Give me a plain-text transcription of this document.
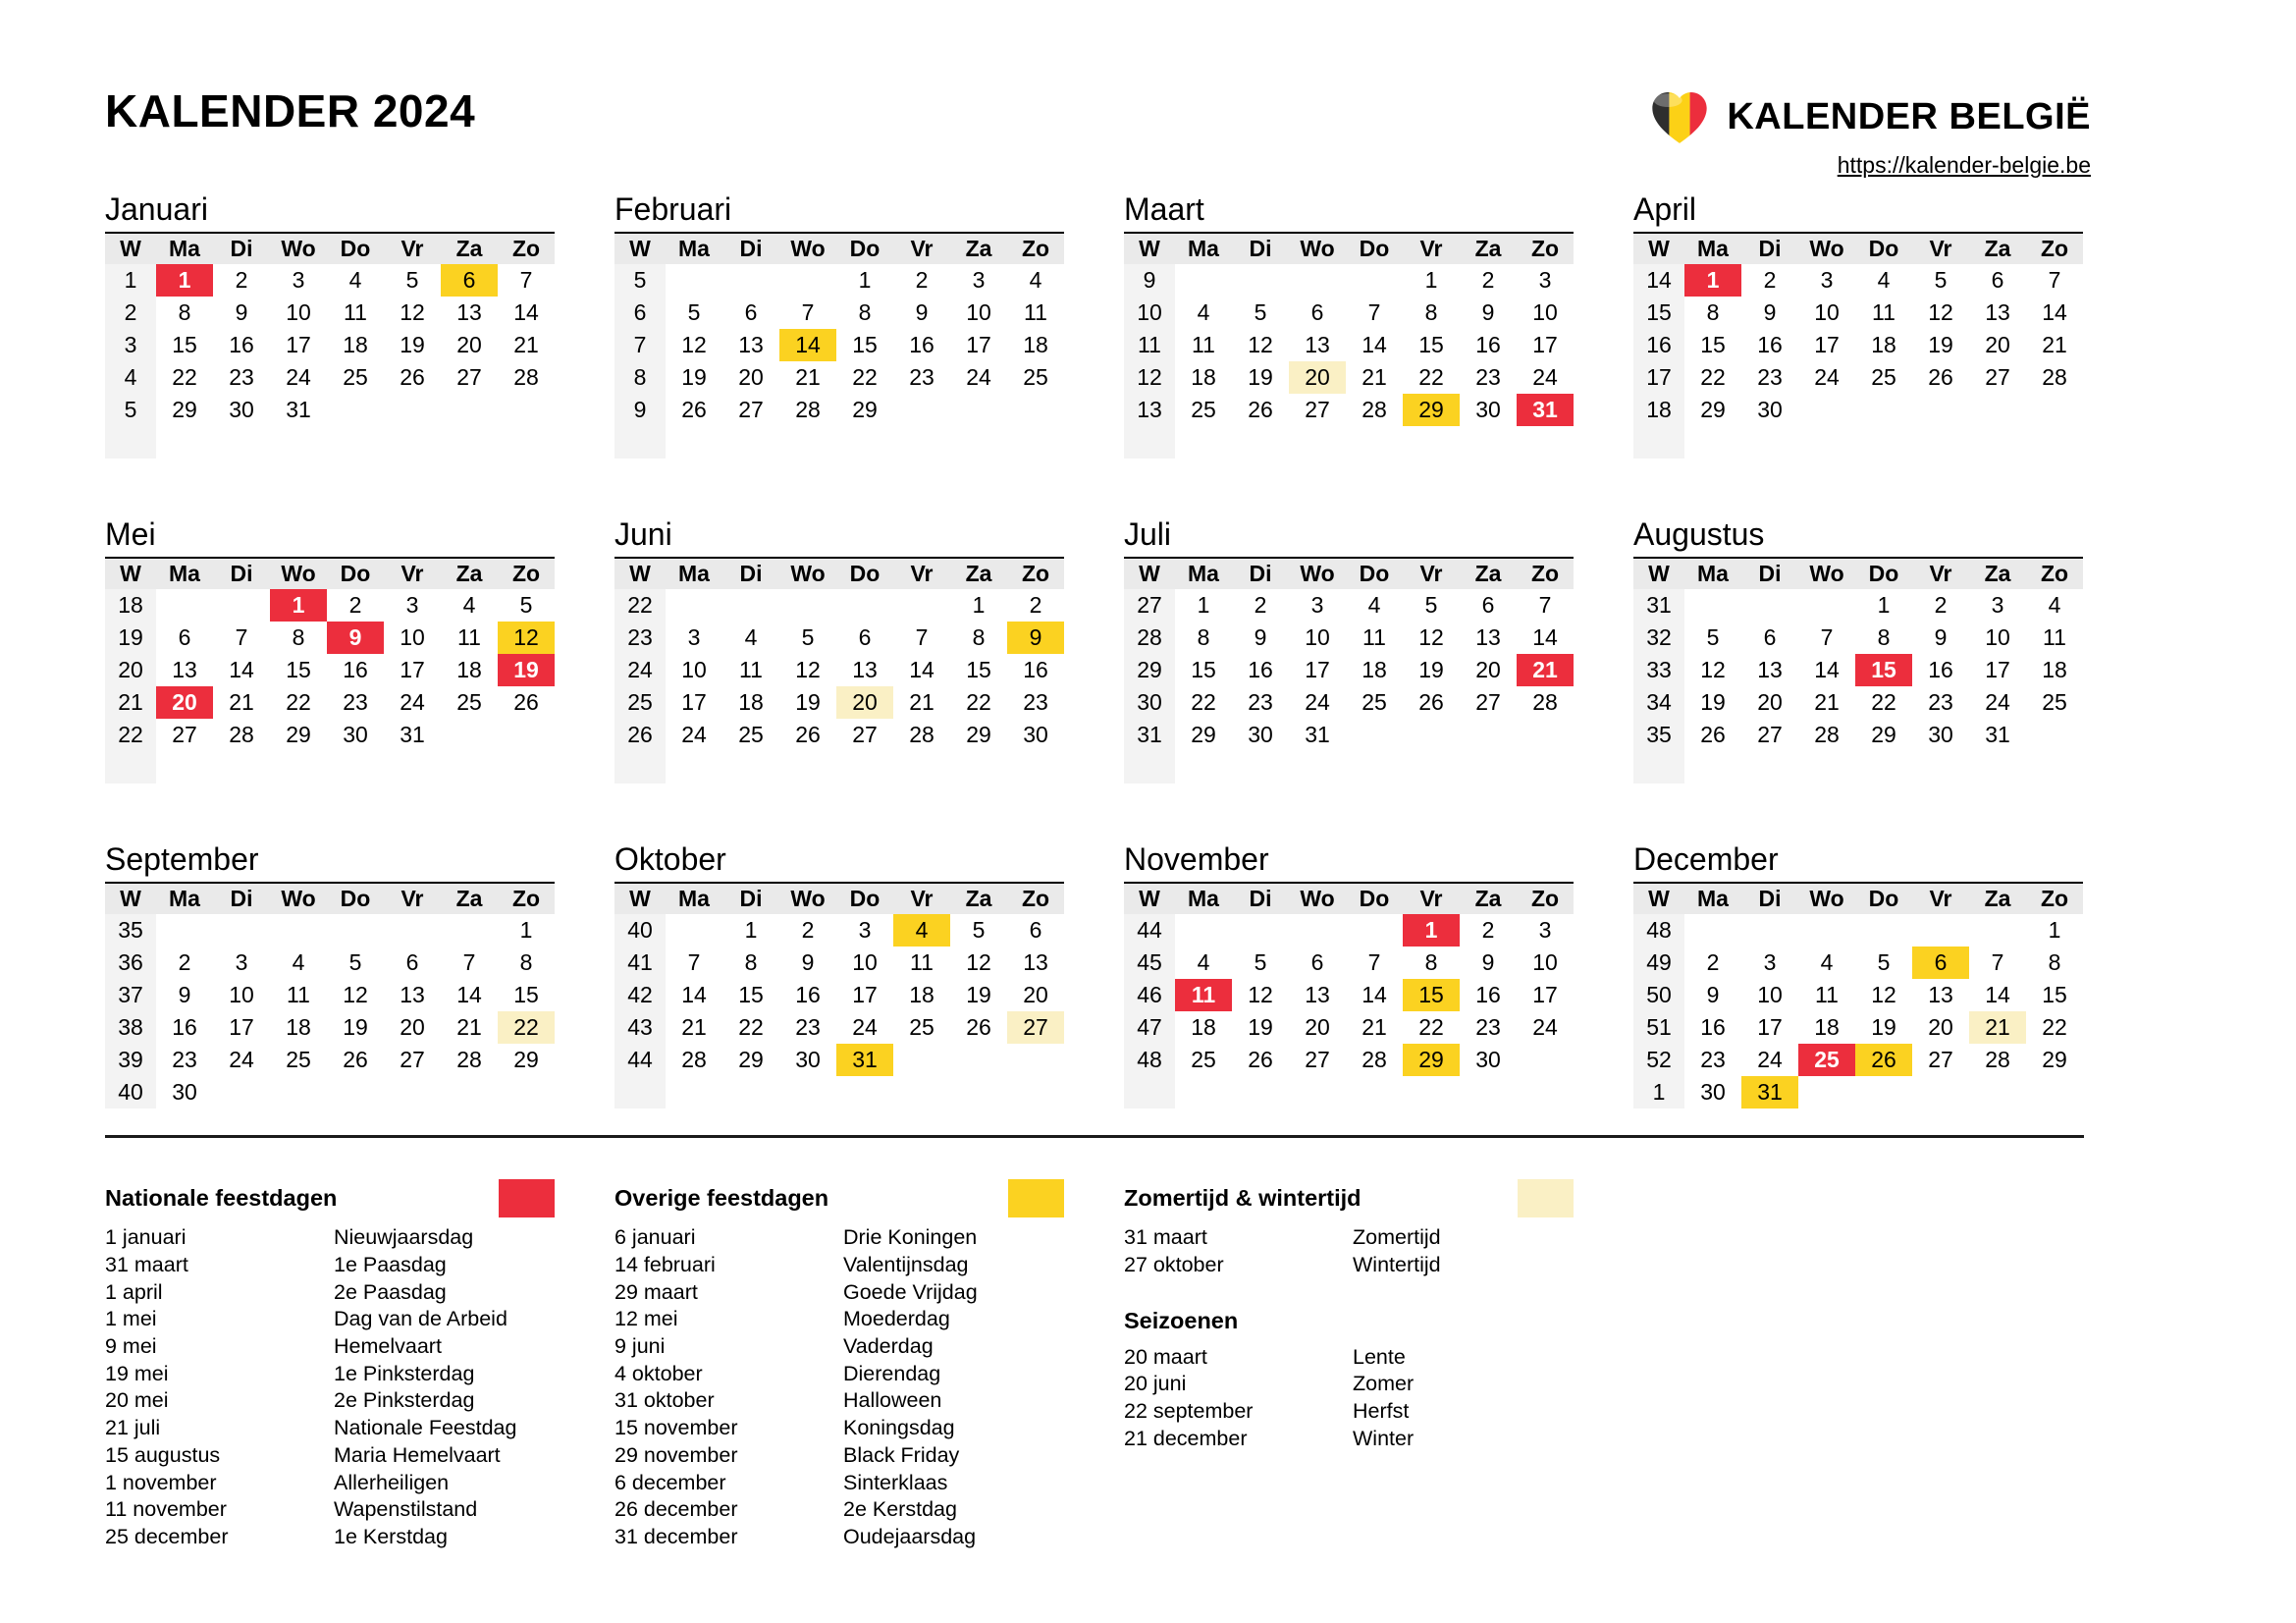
KALENDER 2024	KALENDER BELGIË
https://kalender-belgie.be
Januari
W	Ma	Di	Wo	Do	Vr	Za	Zo
1	1	2	3	4	5	6	7
2	8	9	10	11	12	13	14
3	15	16	17	18	19	20	21
4	22	23	24	25	26	27	28
5	29	30	31				

Februari
W	Ma	Di	Wo	Do	Vr	Za	Zo
5				1	2	3	4
6	5	6	7	8	9	10	11
7	12	13	14	15	16	17	18
8	19	20	21	22	23	24	25
9	26	27	28	29			

Maart
W	Ma	Di	Wo	Do	Vr	Za	Zo
9					1	2	3
10	4	5	6	7	8	9	10
11	11	12	13	14	15	16	17
12	18	19	20	21	22	23	24
13	25	26	27	28	29	30	31

April
W	Ma	Di	Wo	Do	Vr	Za	Zo
14	1	2	3	4	5	6	7
15	8	9	10	11	12	13	14
16	15	16	17	18	19	20	21
17	22	23	24	25	26	27	28
18	29	30					

Mei
W	Ma	Di	Wo	Do	Vr	Za	Zo
18			1	2	3	4	5
19	6	7	8	9	10	11	12
20	13	14	15	16	17	18	19
21	20	21	22	23	24	25	26
22	27	28	29	30	31		

Juni
W	Ma	Di	Wo	Do	Vr	Za	Zo
22						1	2
23	3	4	5	6	7	8	9
24	10	11	12	13	14	15	16
25	17	18	19	20	21	22	23
26	24	25	26	27	28	29	30

Juli
W	Ma	Di	Wo	Do	Vr	Za	Zo
27	1	2	3	4	5	6	7
28	8	9	10	11	12	13	14
29	15	16	17	18	19	20	21
30	22	23	24	25	26	27	28
31	29	30	31				

Augustus
W	Ma	Di	Wo	Do	Vr	Za	Zo
31				1	2	3	4
32	5	6	7	8	9	10	11
33	12	13	14	15	16	17	18
34	19	20	21	22	23	24	25
35	26	27	28	29	30	31	

September
W	Ma	Di	Wo	Do	Vr	Za	Zo
35							1
36	2	3	4	5	6	7	8
37	9	10	11	12	13	14	15
38	16	17	18	19	20	21	22
39	23	24	25	26	27	28	29
40	30						
Oktober
W	Ma	Di	Wo	Do	Vr	Za	Zo
40		1	2	3	4	5	6
41	7	8	9	10	11	12	13
42	14	15	16	17	18	19	20
43	21	22	23	24	25	26	27
44	28	29	30	31			

November
W	Ma	Di	Wo	Do	Vr	Za	Zo
44					1	2	3
45	4	5	6	7	8	9	10
46	11	12	13	14	15	16	17
47	18	19	20	21	22	23	24
48	25	26	27	28	29	30	

December
W	Ma	Di	Wo	Do	Vr	Za	Zo
48							1
49	2	3	4	5	6	7	8
50	9	10	11	12	13	14	15
51	16	17	18	19	20	21	22
52	23	24	25	26	27	28	29
1	30	31					
Nationale feestdagen
1 januari	Nieuwjaarsdag
31 maart	1e Paasdag
1 april	2e Paasdag
1 mei	Dag van de Arbeid
9 mei	Hemelvaart
19 mei	1e Pinksterdag
20 mei	2e Pinksterdag
21 juli	Nationale Feestdag
15 augustus	Maria Hemelvaart
1 november	Allerheiligen
11 november	Wapenstilstand
25 december	1e Kerstdag
Overige feestdagen
6 januari	Drie Koningen
14 februari	Valentijnsdag
29 maart	Goede Vrijdag
12 mei	Moederdag
9 juni	Vaderdag
4 oktober	Dierendag
31 oktober	Halloween
15 november	Koningsdag
29 november	Black Friday
6 december	Sinterklaas
26 december	2e Kerstdag
31 december	Oudejaarsdag
Zomertijd & wintertijd
31 maart	Zomertijd
27 oktober	Wintertijd
Seizoenen
20 maart	Lente
20 juni	Zomer
22 september	Herfst
21 december	Winter
